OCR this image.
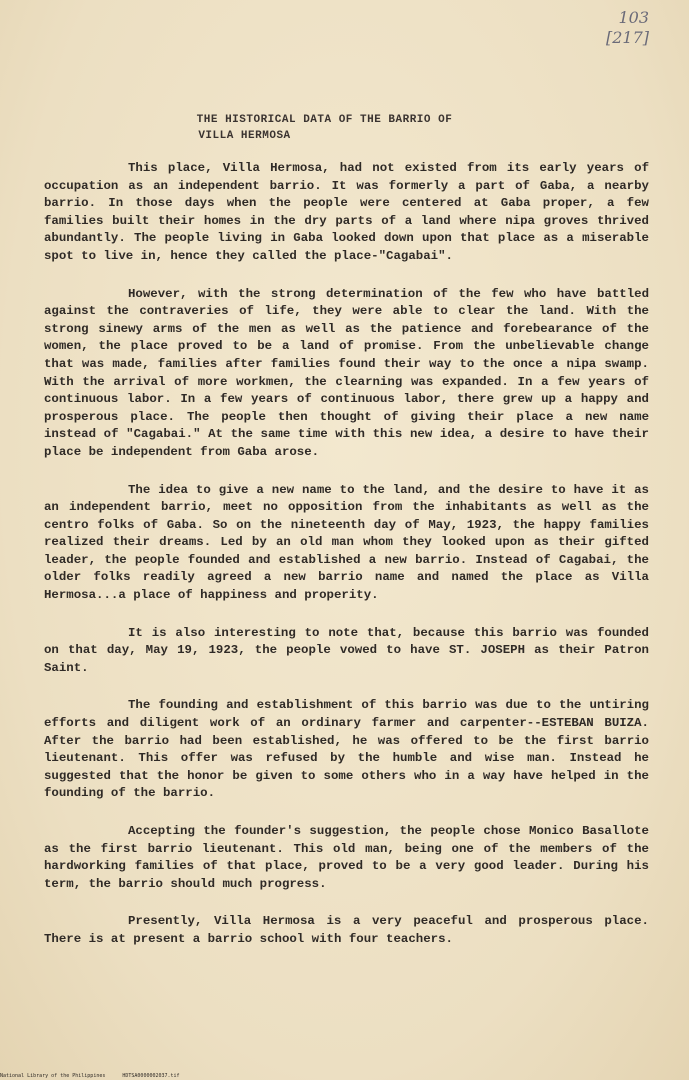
103
[217]
THE HISTORICAL DATA OF THE BARRIO OF
VILLA HERMOSA

This place, Villa Hermosa, had not existed from its early years of occupation as an independent barrio. It was formerly a part of Gaba, a nearby barrio. In those days when the people were centered at Gaba proper, a few families built their homes in the dry parts of a land where nipa groves thrived abundantly. The people living in Gaba looked down upon that place as a miserable spot to live in, hence they called the place-"Cagabai".

However, with the strong determination of the few who have battled against the contraveries of life, they were able to clear the land. With the strong sinewy arms of the men as well as the patience and forebearance of the women, the place proved to be a land of promise. From the unbelievable change that was made, families after families found their way to the once a nipa swamp. With the arrival of more workmen, the clearning was expanded. In a few years of continuous labor. In a few years of continuous labor, there grew up a happy and prosperous place. The people then thought of giving their place a new name instead of "Cagabai." At the same time with this new idea, a desire to have their place be independent from Gaba arose.

The idea to give a new name to the land, and the desire to have it as an independent barrio, meet no opposition from the inhabitants as well as the centro folks of Gaba. So on the nineteenth day of May, 1923, the happy families realized their dreams. Led by an old man whom they looked upon as their gifted leader, the people founded and established a new barrio. Instead of Cagabai, the older folks readily agreed a new barrio name and named the place as Villa Hermosa...a place of happiness and properity.

It is also interesting to note that, because this barrio was founded on that day, May 19, 1923, the people vowed to have ST. JOSEPH as their Patron Saint.

The founding and establishment of this barrio was due to the untiring efforts and diligent work of an ordinary farmer and carpenter--ESTEBAN BUIZA. After the barrio had been established, he was offered to be the first barrio lieutenant. This offer was refused by the humble and wise man. Instead he suggested that the honor be given to some others who in a way have helped in the founding of the barrio.

Accepting the founder's suggestion, the people chose Monico Basallote as the first barrio lieutenant. This old man, being one of the members of the hardworking families of that place, proved to be a very good leader. During his term, the barrio should much progress.

Presently, Villa Hermosa is a very peaceful and prosperous place. There is at present a barrio school with four teachers.

National Library of the Philippines	HDTSA0000002037.tif
